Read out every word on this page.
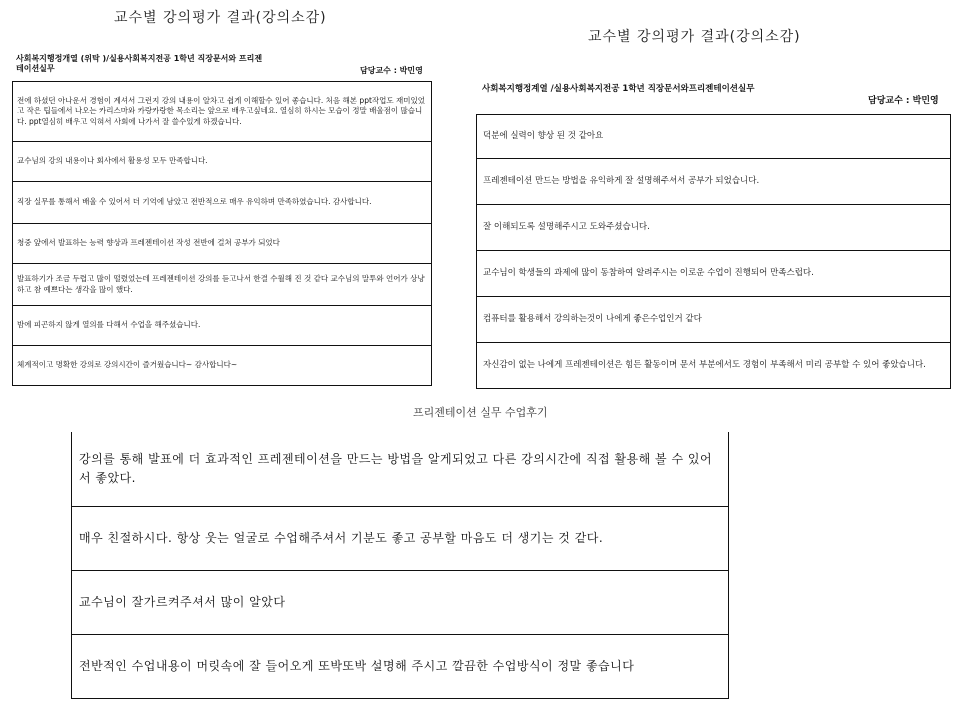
교수별 강의평가 결과(강의소감)
사회복지행정개열 (위탁 )/실용사회복지전공 1학년 직장문서와 프리젠테이션실무	담당교수 : 박민영
전에 하셨던 아나운서 경험이 계셔서 그런지 강의 내용이 알차고 쉽게 이해할수 있어 좋습니다. 처음 해본 ppt작업도 재미있었고 작은 팁들에서 나오는 카리스마와 카랑카랑한 목소리는 앞으로 배우고싶네요. 열심히 하시는 모습이 정말 배울점이 많습니다. ppt열심히 배우고 익혀서 사회에 나가서 잘 쓸수있게 하겠습니다.
교수님의 강의 내용이나 회사에서 활용성 모두 만족합니다.
직장 실무를 통해서 배울 수 있어서 더 기억에 남았고 전반적으로 매우 유익하며 만족하였습니다. 감사합니다.
청중 앞에서 발표하는 능력 향상과 프레젠테이션 작성 전반에 걸쳐 공부가 되었다
발표하기가 조금 두렵고 많이 떨렸었는데 프레젠테이션 강의를 듣고나서 한결 수월해 진 것 같다 교수님의 말투와 언어가 상냥하고 참 예쁘다는 생각을 많이 했다.
밤에 피곤하지 않게 열의를 다해서 수업을 해주셨습니다.
체계적이고 명확한 강의로 강의시간이 즐거웠습니다~ 감사합니다~
교수별 강의평가 결과(강의소감)
사회복지행정계열 /실용사회복지전공 1학년 직장문서와프리젠테이션실무
담당교수 : 박민영
덕분에 실력이 향상 된 것 같아요
프레젠테이션 만드는 방법을 유익하게 잘 설명해주셔서 공부가 되었습니다.
잘 이해되도록 설명해주시고 도와주셨습니다.
교수님이 학생들의 과제에 많이 동참하여 알려주시는 이로운 수업이 진행되어 만족스럽다.
컴퓨터를 활용해서 강의하는것이 나에게 좋은수업인거 같다
자신감이 없는 나에게 프레젠테이션은 힘든 활동이며 문서 부분에서도 경험이 부족해서 미리 공부할 수 있어 좋았습니다.
프리젠테이션 실무 수업후기
강의를 통해 발표에 더 효과적인 프레젠테이션을 만드는 방법을 알게되었고 다른 강의시간에 직접 활용해 볼 수 있어서 좋았다.
매우 친절하시다. 항상 웃는 얼굴로 수업해주셔서 기분도 좋고 공부할 마음도 더 생기는 것 같다.
교수님이 잘가르켜주셔서 많이 알았다
전반적인 수업내용이 머릿속에 잘 들어오게 또박또박 설명해 주시고 깔끔한 수업방식이 정말 좋습니다
